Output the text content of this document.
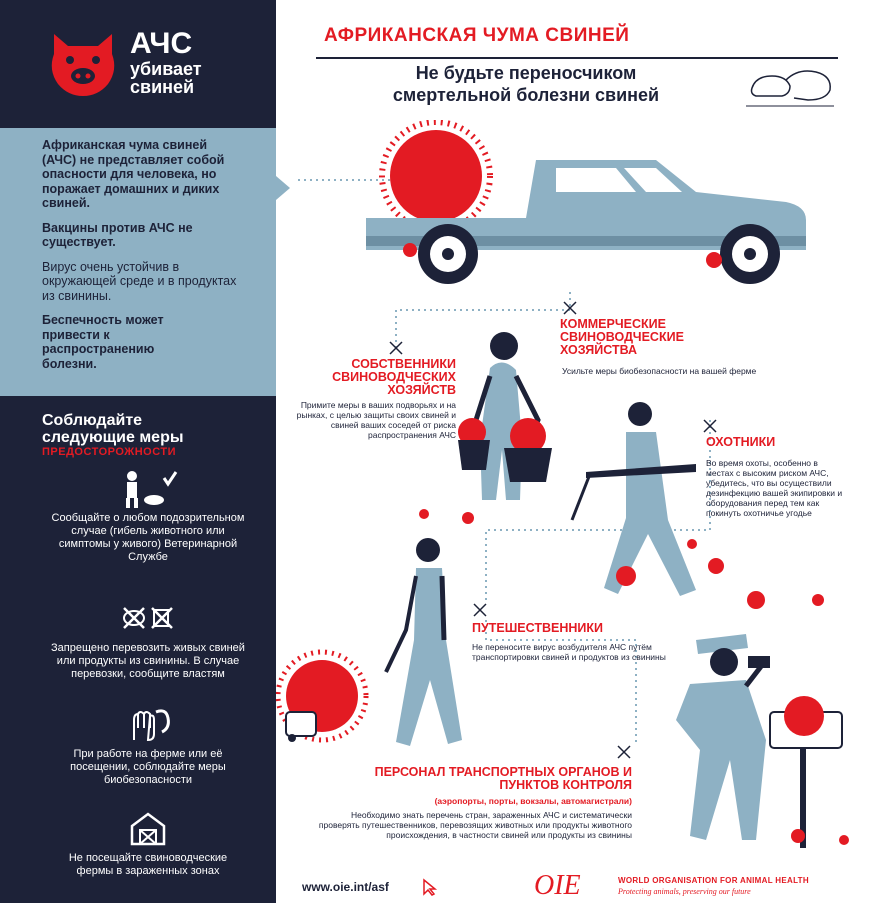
АЧС
убивает
свиней

Африканская чума свиней (АЧС) не представляет собой опасности для человека, но поражает домашних и диких свиней.

Вакцины против АЧС не существует.

Вирус очень устойчив в окружающей среде и в продуктах из свинины.

Беспечность может привести к распространению болезни.

Соблюдайте
следующие меры
ПРЕДОСТОРОЖНОСТИ
Сообщайте о любом подозрительном случае (гибель животного или симптомы у живого) Ветеринарной Службе
Запрещено перевозить живых свиней или продукты из свинины. В случае перевозки, сообщите властям
При работе на ферме или её посещении, соблюдайте меры биобезопасности
Не посещайте свиноводческие фермы в зараженных зонах
АФРИКАНСКАЯ ЧУМА СВИНЕЙ
Не будьте переносчиком
смертельной болезни свиней
КОММЕРЧЕСКИЕ СВИНОВОДЧЕСКИЕ ХОЗЯЙСТВА
Усильте меры биобезопасности на вашей ферме
СОБСТВЕННИКИ СВИНОВОДЧЕСКИХ ХОЗЯЙСТВ
Примите меры в ваших подворьях и на рынках, с целью защиты своих свиней и свиней ваших соседей от риска распространения АЧС	ОХОТНИКИ
Во время охоты, особенно в местах с высоким риском АЧС, убедитесь, что вы осуществили дезинфекцию вашей экипировки и оборудования перед тем как покинуть охотничье угодье
ПУТЕШЕСТВЕННИКИ
Не переносите вирус возбудителя АЧС путём транспортировки свиней и продуктов из свинины
ПЕРСОНАЛ ТРАНСПОРТНЫХ ОРГАНОВ И ПУНКТОВ КОНТРОЛЯ
(аэропорты, порты, вокзалы, автомагистрали)
Необходимо знать перечень стран, зараженных АЧС и систематически проверять путешественников, перевозящих животных или продукты животного происхождения, в частности свиней или продукты из свинины
www.oie.int/asf	OIE	WORLD ORGANISATION FOR ANIMAL HEALTH
Protecting animals, preserving our future
